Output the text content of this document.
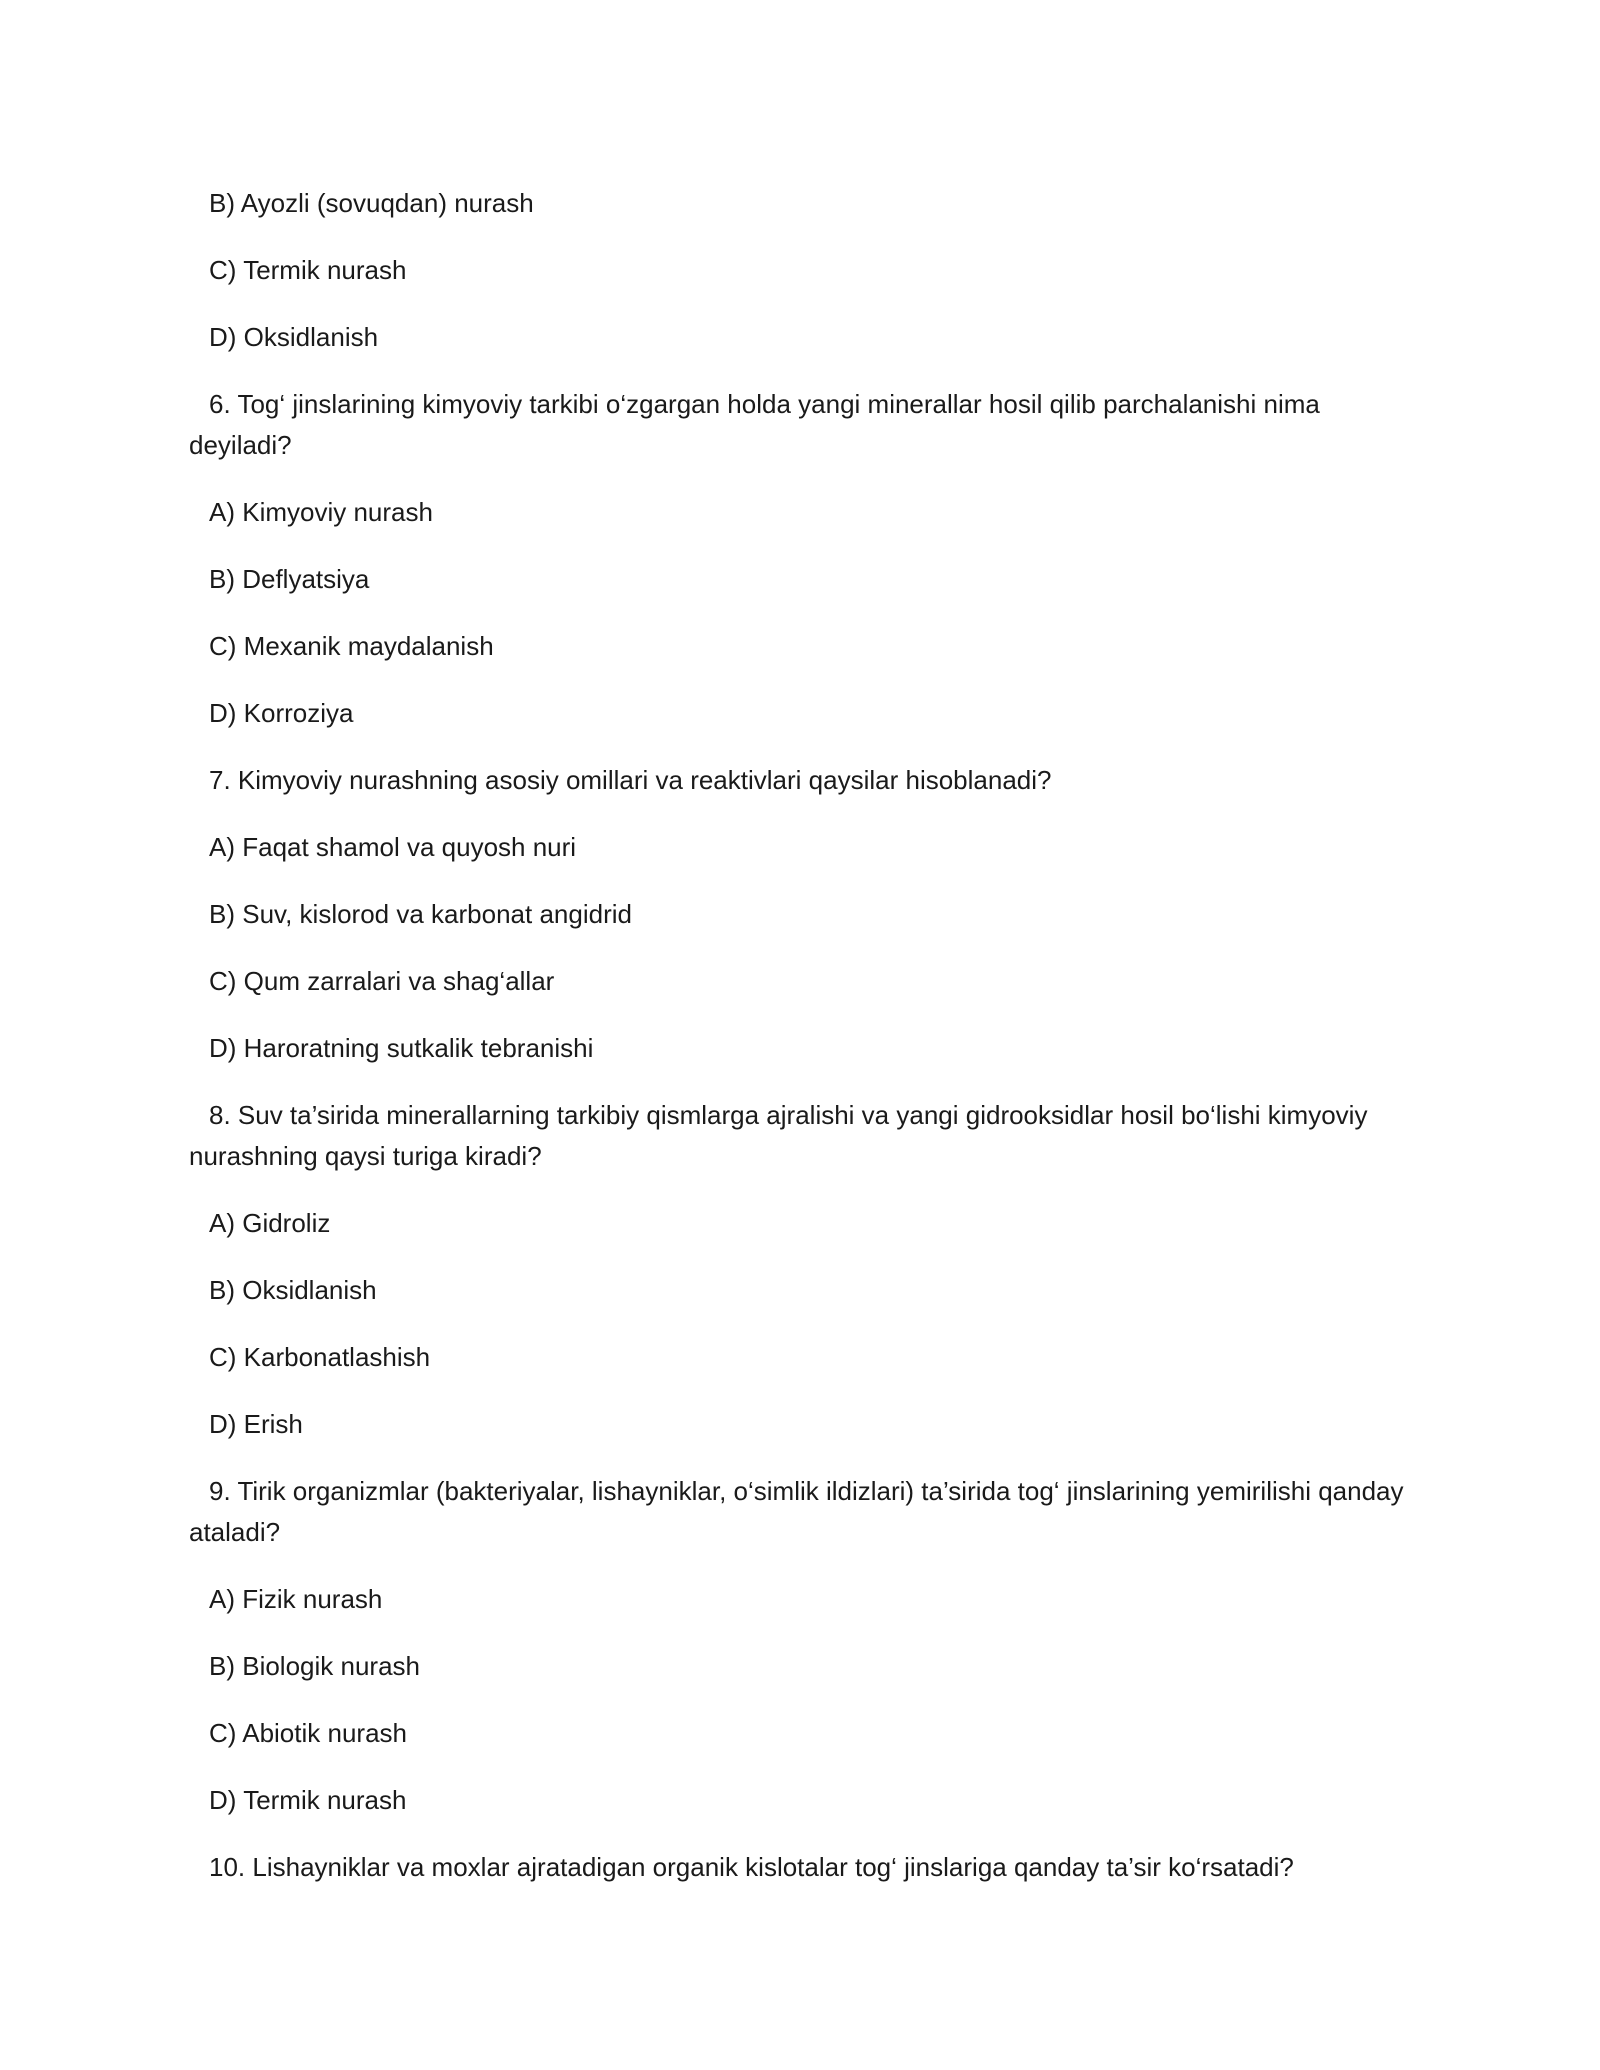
B) Ayozli (sovuqdan) nurash

C) Termik nurash

D) Oksidlanish

6. Tog‘ jinslarining kimyoviy tarkibi o‘zgargan holda yangi minerallar hosil qilib parchalanishi nima deyiladi?

A) Kimyoviy nurash

B) Deflyatsiya

C) Mexanik maydalanish

D) Korroziya

7. Kimyoviy nurashning asosiy omillari va reaktivlari qaysilar hisoblanadi?

A) Faqat shamol va quyosh nuri

B) Suv, kislorod va karbonat angidrid

C) Qum zarralari va shag‘allar

D) Haroratning sutkalik tebranishi

8. Suv ta’sirida minerallarning tarkibiy qismlarga ajralishi va yangi gidrooksidlar hosil bo‘lishi kimyoviy nurashning qaysi turiga kiradi?

A) Gidroliz

B) Oksidlanish

C) Karbonatlashish

D) Erish

9. Tirik organizmlar (bakteriyalar, lishayniklar, o‘simlik ildizlari) ta’sirida tog‘ jinslarining yemirilishi qanday ataladi?

A) Fizik nurash

B) Biologik nurash

C) Abiotik nurash

D) Termik nurash

10. Lishayniklar va moxlar ajratadigan organik kislotalar tog‘ jinslariga qanday ta’sir ko‘rsatadi?
